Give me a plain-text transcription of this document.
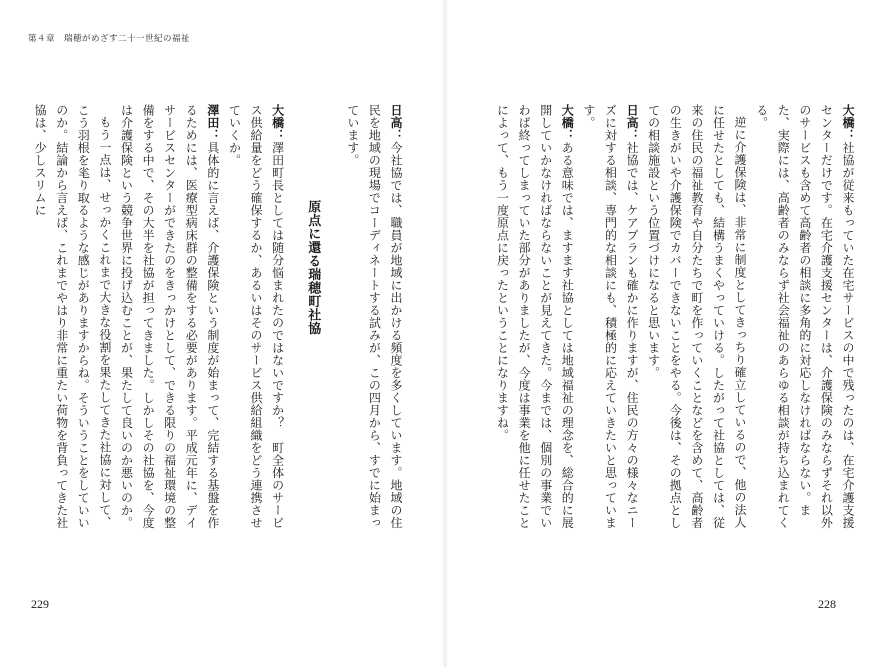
第４章　瑞穂がめざす二十一世紀の福祉

大橋：社協が従来もっていた在宅サービスの中で残ったのは、在宅介護支援センターだけです。在宅介護支援センターは、介護保険のみならずそれ以外のサービスも含めて高齢者の相談に多角的に対応しなければならない。また、実際には、高齢者のみならず社会福祉のあらゆる相談が持ち込まれてくる。

逆に介護保険は、非常に制度としてきっちり確立しているので、他の法人に任せたとしても、結構うまくやっていける。したがって社協としては、従来の住民の福祉教育や自分たちで町を作っていくことなどを含めて、高齢者の生きがいや介護保険でカバーできないことをやる。今後は、その拠点としての相談施設という位置づけになると思います。

日高：社協では、ケアプランも確かに作りますが、住民の方々の様々なニーズに対する相談、専門的な相談にも、積極的に応えていきたいと思っています。

大橋：ある意味では、ますます社協としては地域福祉の理念を、総合的に展開していかなければならないことが見えてきた。今までは、個別の事業でいわば終ってしまっていた部分がありましたが、今度は事業を他に任せたことによって、もう一度原点に戻ったということになりますね。

228

日高：今社協では、職員が地域に出かける頻度を多くしています。地域の住民を地域の現場でコーディネートする試みが、この四月から、すでに始まっています。

原点に還る瑞穂町社協

大橋：澤田町長としては随分悩まれたのではないですか？　町全体のサービス供給量をどう確保するか、あるいはそのサービス供給組織をどう連携させていくか。

澤田：具体的に言えば、介護保険という制度が始まって、完結する基盤を作るためには、医療型病床群の整備をする必要があります。平成元年に、デイサービスセンターができたのをきっかけとして、できる限りの福祉環境の整備をする中で、その大半を社協が担ってきました。しかしその社協を、今度は介護保険という競争世界に投げ込むことが、果たして良いのか悪いのか。

もう一点は、せっかくこれまで大きな役割を果たしてきた社協に対して、こう羽根を毟り取るような感じがありますからね。そういうことをしていいのか。結論から言えば、これまでやはり非常に重たい荷物を背負ってきた社協は、少しスリムに

229
